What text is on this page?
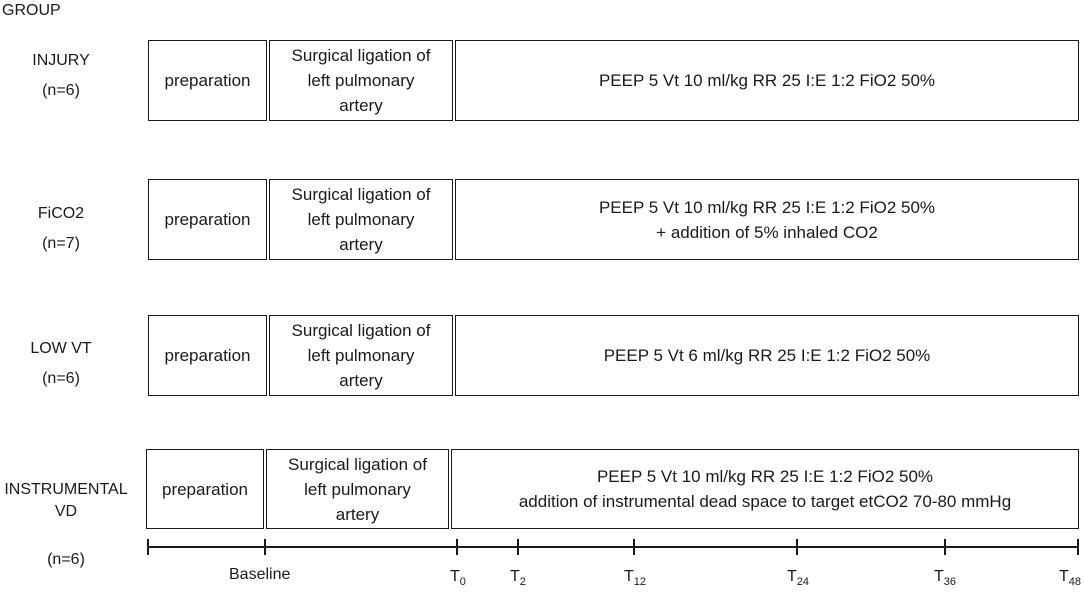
GROUP
INJURY
(n=6)
preparation
Surgical ligation of
left pulmonary
artery
PEEP 5 Vt 10 ml/kg RR 25 I:E 1:2 FiO2 50%
FiCO2
(n=7)
preparation
Surgical ligation of
left pulmonary
artery
PEEP 5 Vt 10 ml/kg RR 25 I:E 1:2 FiO2 50%
+ addition of 5% inhaled CO2
LOW VT
(n=6)
preparation
Surgical ligation of
left pulmonary
artery
PEEP 5 Vt 6 ml/kg RR 25 I:E 1:2 FiO2 50%

INSTRUMENTAL
VD

(n=6)

preparation
Surgical ligation of
left pulmonary
artery
PEEP 5 Vt 10 ml/kg RR 25 I:E 1:2 FiO2 50%
addition of instrumental dead space to target etCO2 70-80 mmHg
Baseline	$T_0$	$T_2$	$T_{12}$	$T_{24}$	$T_{36}$	$T_{48}$
